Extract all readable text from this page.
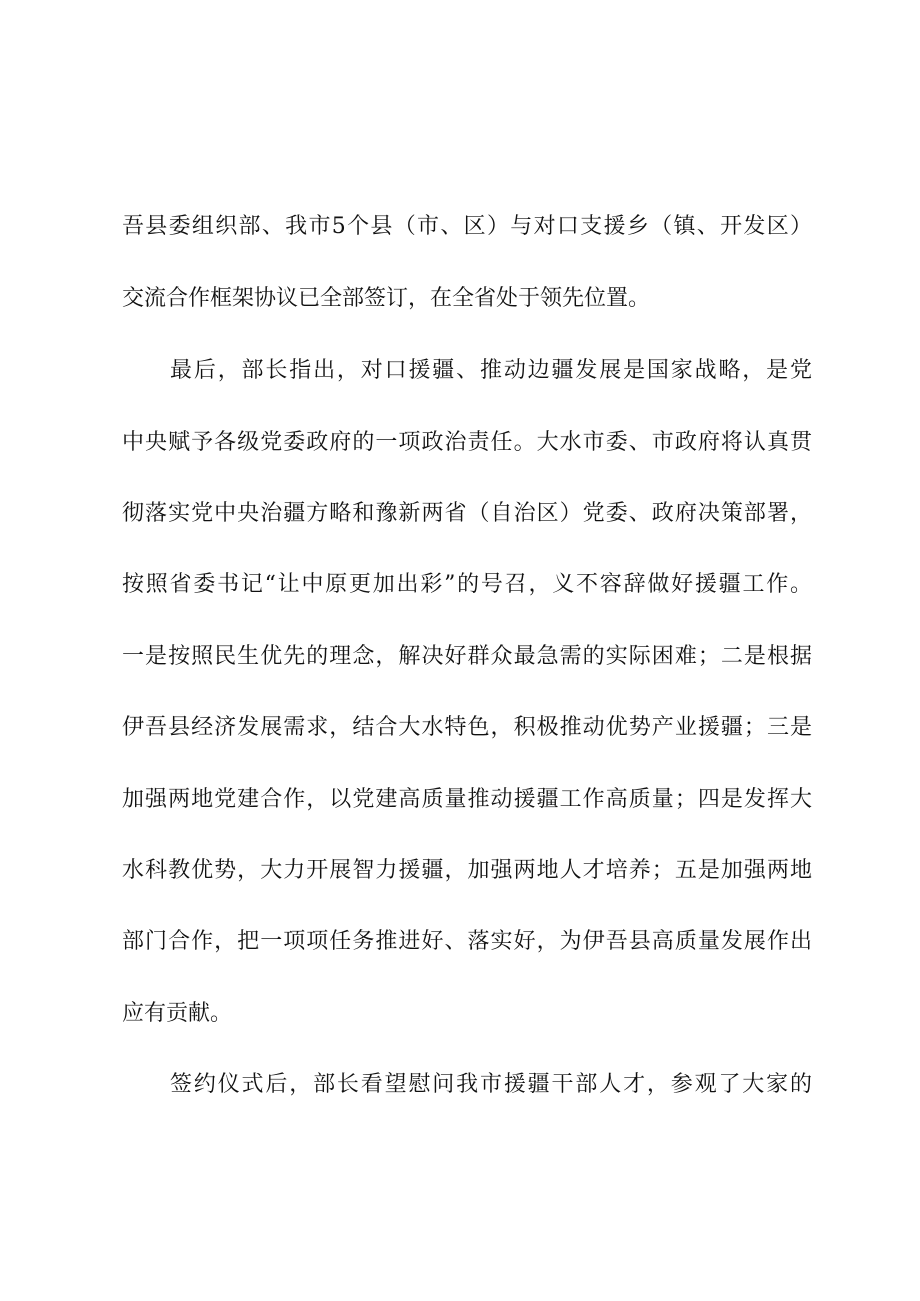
吾县委组织部、我市5个县（市、区）与对口支援乡（镇、开发区）
交流合作框架协议已全部签订，在全省处于领先位置。
最后，部长指出，对口援疆、推动边疆发展是国家战略，是党
中央赋予各级党委政府的一项政治责任。大水市委、市政府将认真贯
彻落实党中央治疆方略和豫新两省（自治区）党委、政府决策部署，
按照省委书记“让中原更加出彩”的号召，义不容辞做好援疆工作。
一是按照民生优先的理念，解决好群众最急需的实际困难；二是根据
伊吾县经济发展需求，结合大水特色，积极推动优势产业援疆；三是
加强两地党建合作，以党建高质量推动援疆工作高质量；四是发挥大
水科教优势，大力开展智力援疆，加强两地人才培养；五是加强两地
部门合作，把一项项任务推进好、落实好，为伊吾县高质量发展作出
应有贡献。
签约仪式后，部长看望慰问我市援疆干部人才，参观了大家的
